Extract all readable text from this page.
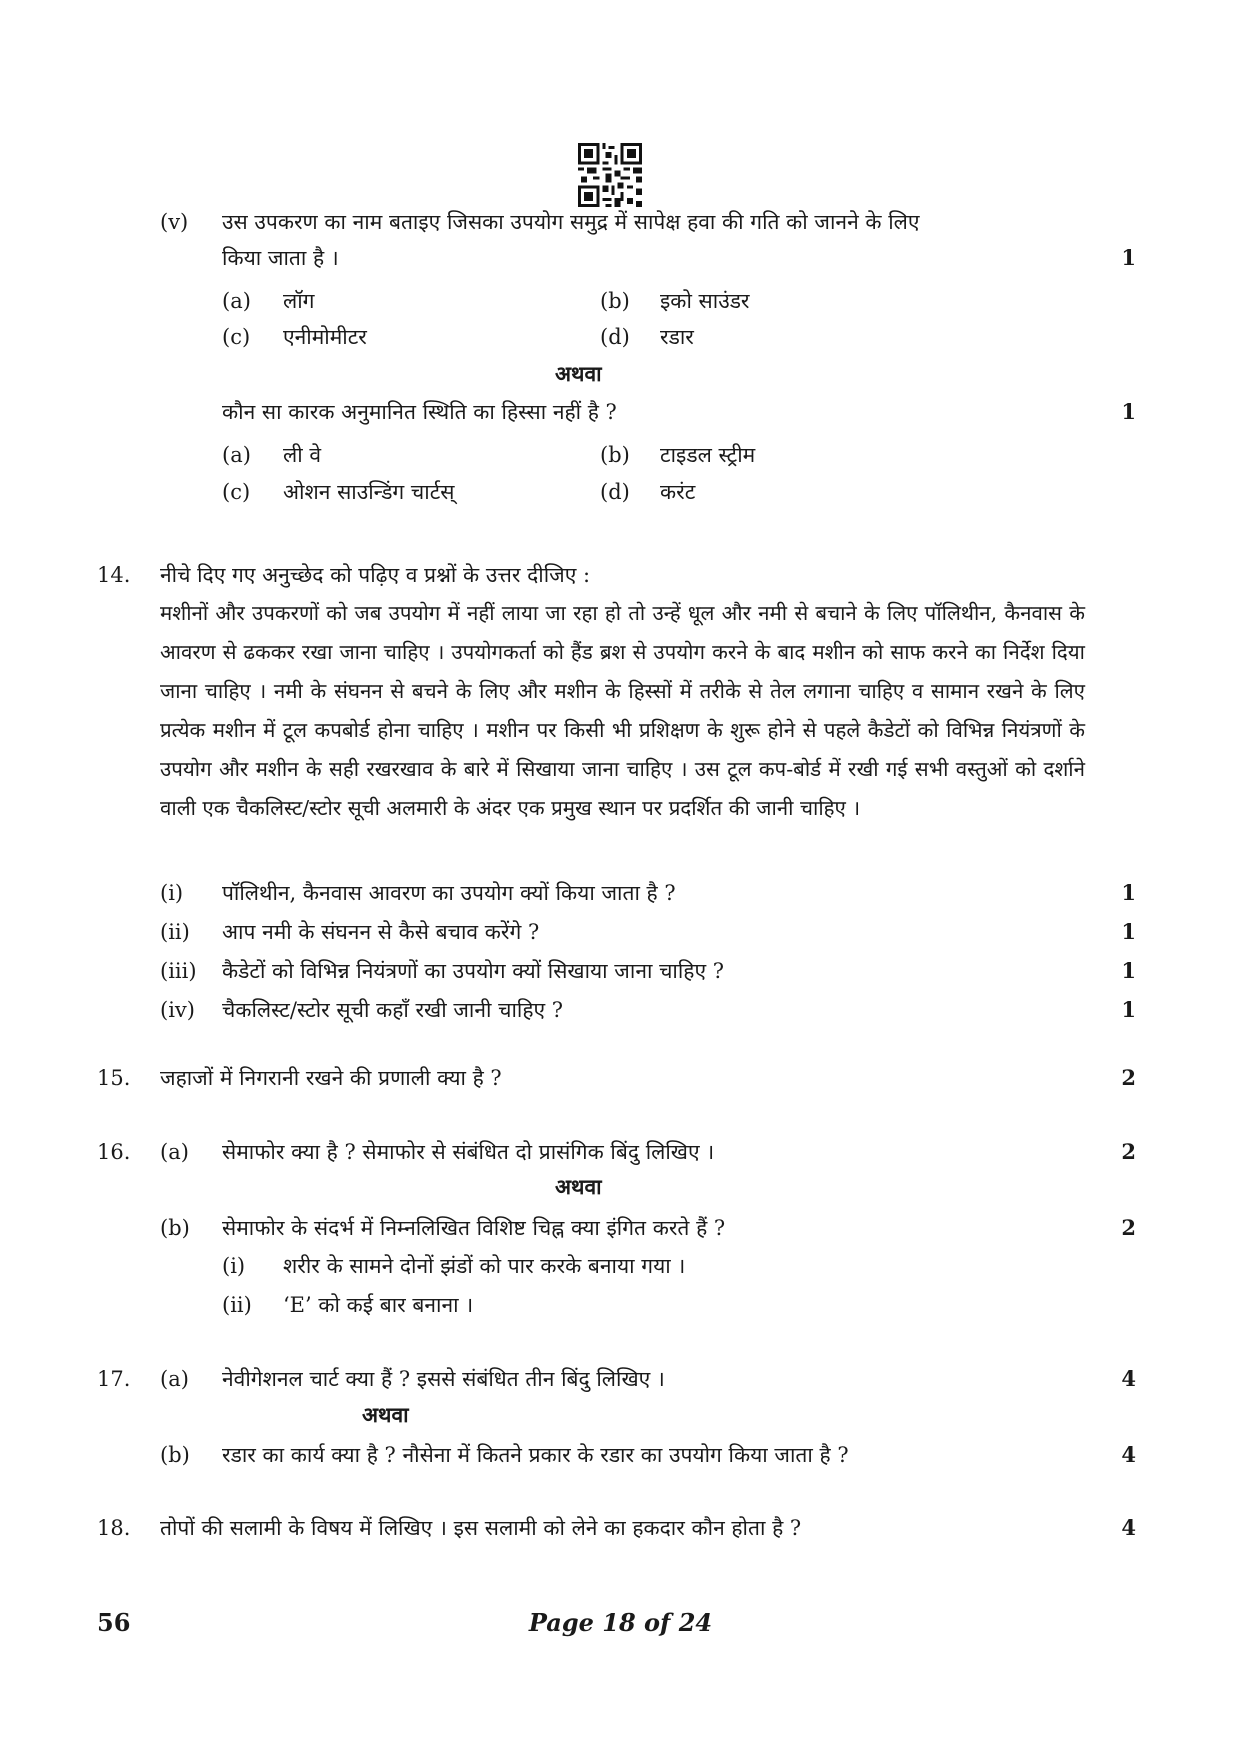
(v) उस उपकरण का नाम बताइए जिसका उपयोग समुद्र में सापेक्ष हवा की गति को जानने के लिए
किया जाता है ।	1
(a) लॉग	(b) इको साउंडर
(c) एनीमोमीटर	(d) रडार
अथवा
कौन सा कारक अनुमानित स्थिति का हिस्सा नहीं है ?	1
(a) ली वे	(b) टाइडल स्ट्रीम
(c) ओशन साउन्डिंग चार्टस्	(d) करंट
14. नीचे दिए गए अनुच्छेद को पढ़िए व प्रश्नों के उत्तर दीजिए :
मशीनों और उपकरणों को जब उपयोग में नहीं लाया जा रहा हो तो उन्हें धूल और नमी से बचाने के लिए पॉलिथीन, कैनवास के आवरण से ढककर रखा जाना चाहिए । उपयोगकर्ता को हैंड ब्रश से उपयोग करने के बाद मशीन को साफ करने का निर्देश दिया जाना चाहिए । नमी के संघनन से बचने के लिए और मशीन के हिस्सों में तरीके से तेल लगाना चाहिए व सामान रखने के लिए प्रत्येक मशीन में टूल कपबोर्ड होना चाहिए । मशीन पर किसी भी प्रशिक्षण के शुरू होने से पहले कैडेटों को विभिन्न नियंत्रणों के उपयोग और मशीन के सही रखरखाव के बारे में सिखाया जाना चाहिए । उस टूल कप-बोर्ड में रखी गई सभी वस्तुओं को दर्शाने वाली एक चैकलिस्ट/स्टोर सूची अलमारी के अंदर एक प्रमुख स्थान पर प्रदर्शित की जानी चाहिए ।
(i) पॉलिथीन, कैनवास आवरण का उपयोग क्यों किया जाता है ?	1
(ii) आप नमी के संघनन से कैसे बचाव करेंगे ?	1
(iii) कैडेटों को विभिन्न नियंत्रणों का उपयोग क्यों सिखाया जाना चाहिए ?	1
(iv) चैकलिस्ट/स्टोर सूची कहाँ रखी जानी चाहिए ?	1
15. जहाजों में निगरानी रखने की प्रणाली क्या है ?	2
16. (a) सेमाफोर क्या है ? सेमाफोर से संबंधित दो प्रासंगिक बिंदु लिखिए ।	2
अथवा
(b) सेमाफोर के संदर्भ में निम्नलिखित विशिष्ट चिह्न क्या इंगित करते हैं ?	2
(i) शरीर के सामने दोनों झंडों को पार करके बनाया गया ।
(ii) ‘E’ को कई बार बनाना ।
17. (a) नेवीगेशनल चार्ट क्या हैं ? इससे संबंधित तीन बिंदु लिखिए ।	4
अथवा
(b) रडार का कार्य क्या है ? नौसेना में कितने प्रकार के रडार का उपयोग किया जाता है ?	4
18. तोपों की सलामी के विषय में लिखिए । इस सलामी को लेने का हकदार कौन होता है ?	4
56	Page 18 of 24
